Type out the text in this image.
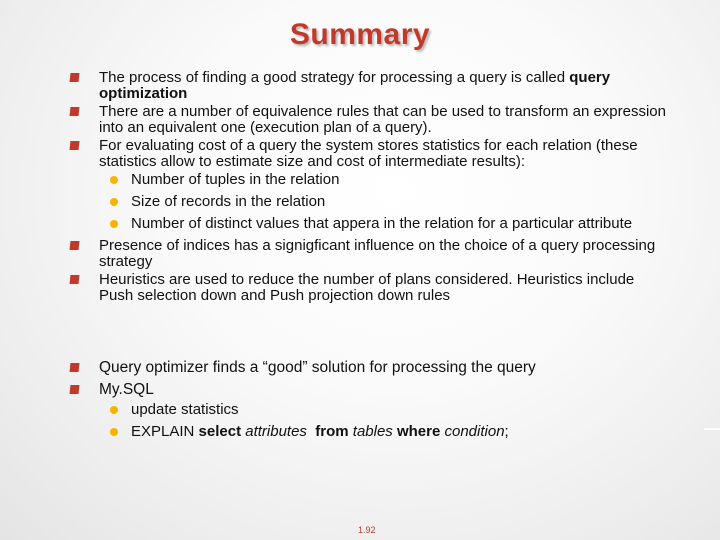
Summary
The process of finding a good strategy for processing a query is called query optimization
There are a number of equivalence rules that can be used to transform an expression into an equivalent one (execution plan of a query).
For evaluating cost of a query the system stores statistics for each relation (these statistics allow to estimate size and cost of intermediate results):
Number of tuples in the relation
Size of records in the relation
Number of distinct values that appera in the relation for a particular attribute
Presence of indices has a signigficant influence on the choice of a query processing strategy
Heuristics are used to reduce the number of plans considered. Heuristics include Push selection down and Push projection down rules
Query optimizer finds a “good” solution for processing the query
My.SQL
update statistics
EXPLAIN select attributes  from tables where condition;
1.92
